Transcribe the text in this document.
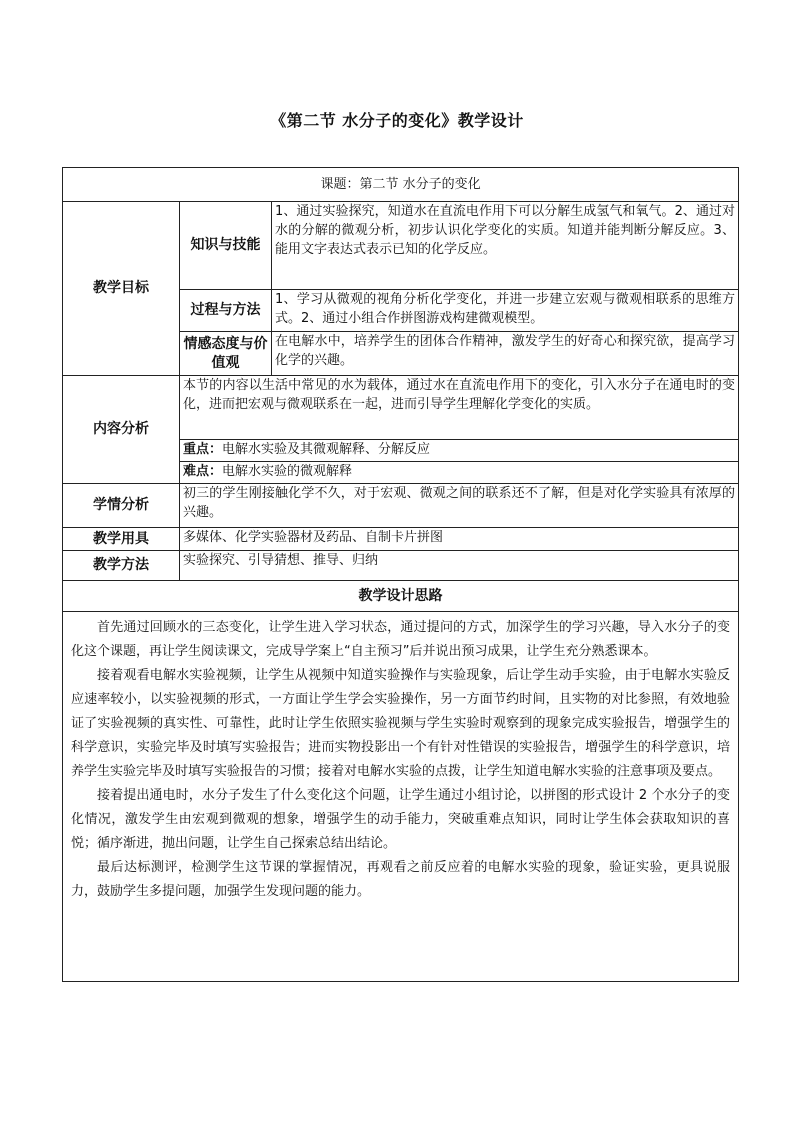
《第二节 水分子的变化》教学设计
课题：第二节 水分子的变化		
教学目标	知识与技能	1、通过实验探究，知道水在直流电作用下可以分解生成氢气和氧气。2、通过对水的分解的微观分析，初步认识化学变化的实质。知道并能判断分解反应。3、能用文字表达式表示已知的化学反应。
	过程与方法	1、学习从微观的视角分析化学变化，并进一步建立宏观与微观相联系的思维方式。2、通过小组合作拼图游戏构建微观模型。
	情感态度与价值观	在电解水中，培养学生的团体合作精神，激发学生的好奇心和探究欲，提高学习化学的兴趣。
内容分析	本节的内容以生活中常见的水为载体，通过水在直流电作用下的变化，引入水分子在通电时的变化，进而把宏观与微观联系在一起，进而引导学生理解化学变化的实质。	
	重点：电解水实验及其微观解释、分解反应	
	难点：电解水实验的微观解释	
学情分析	初三的学生刚接触化学不久，对于宏观、微观之间的联系还不了解，但是对化学实验具有浓厚的兴趣。	
教学用具	多媒体、化学实验器材及药品、自制卡片拼图	
教学方法	实验探究、引导猜想、推导、归纳	
教学设计思路		

首先通过回顾水的三态变化，让学生进入学习状态，通过提问的方式，加深学生的学习兴趣，导入水分子的变化这个课题，再让学生阅读课文，完成导学案上“自主预习”后并说出预习成果，让学生充分熟悉课本。

接着观看电解水实验视频，让学生从视频中知道实验操作与实验现象，后让学生动手实验，由于电解水实验反应速率较小，以实验视频的形式，一方面让学生学会实验操作，另一方面节约时间，且实物的对比参照，有效地验证了实验视频的真实性、可靠性，此时让学生依照实验视频与学生实验时观察到的现象完成实验报告，增强学生的科学意识，实验完毕及时填写实验报告；进而实物投影出一个有针对性错误的实验报告，增强学生的科学意识，培养学生实验完毕及时填写实验报告的习惯；接着对电解水实验的点拨，让学生知道电解水实验的注意事项及要点。

接着提出通电时，水分子发生了什么变化这个问题，让学生通过小组讨论，以拼图的形式设计 2 个水分子的变化情况，激发学生由宏观到微观的想象，增强学生的动手能力，突破重难点知识，同时让学生体会获取知识的喜悦；循序渐进，抛出问题，让学生自己探索总结出结论。

最后达标测评，检测学生这节课的掌握情况，再观看之前反应着的电解水实验的现象，验证实验，更具说服力，鼓励学生多提问题，加强学生发现问题的能力。		
